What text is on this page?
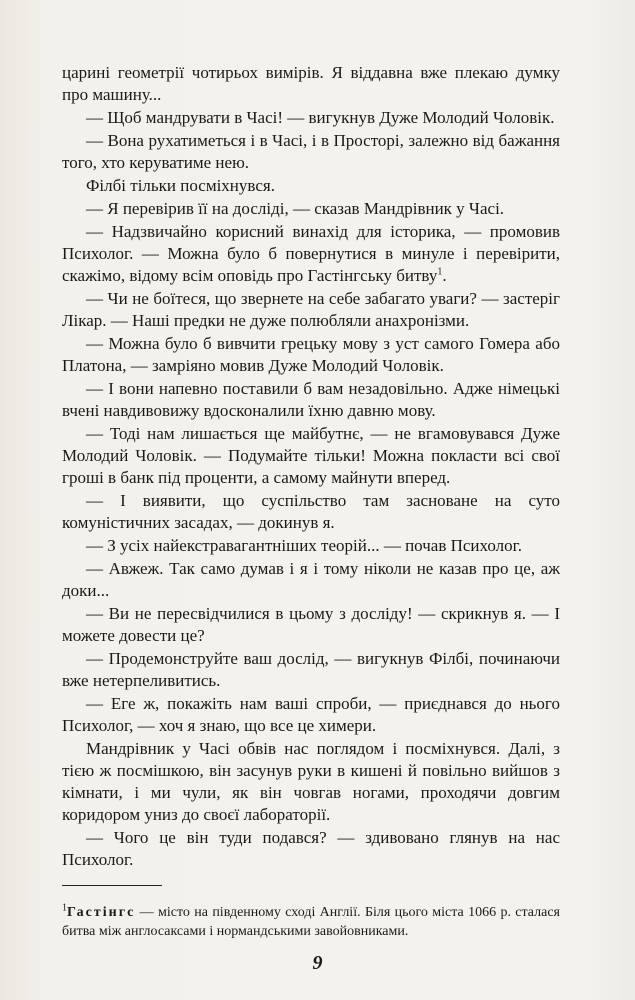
царині геометрії чотирьох вимірів. Я віддавна вже плекаю думку про машину...

— Щоб мандрувати в Часі! — вигукнув Дуже Молодий Чоловік.

— Вона рухатиметься і в Часі, і в Просторі, залежно від бажання того, хто керуватиме нею.

Філбі тільки посміхнувся.

— Я перевірив її на досліді, — сказав Мандрівник у Часі.

— Надзвичайно корисний винахід для історика, — промовив Психолог. — Можна було б повернутися в минуле і перевірити, скажімо, відому всім оповідь про Гастінгську битву$^1$.

— Чи не боїтеся, що звернете на себе забагато уваги? — застеріг Лікар. — Наші предки не дуже полюбляли анахронізми.

— Можна було б вивчити грецьку мову з уст самого Гомера або Платона, — замріяно мовив Дуже Молодий Чоловік.

— І вони напевно поставили б вам незадовільно. Адже німецькі вчені навдивовижу вдосконалили їхню давню мову.

— Тоді нам лишається ще майбутнє, — не вгамовувався Дуже Молодий Чоловік. — Подумайте тільки! Можна покласти всі свої гроші в банк під проценти, а самому майнути вперед.

— І виявити, що суспільство там засноване на суто комуністичних засадах, — докинув я.

— З усіх найекстравагантніших теорій... — почав Психолог.

— Авжеж. Так само думав і я і тому ніколи не казав про це, аж доки...

— Ви не пересвідчилися в цьому з досліду! — скрикнув я. — І можете довести це?

— Продемонструйте ваш дослід, — вигукнув Філбі, починаючи вже нетерпеливитись.

— Еге ж, покажіть нам ваші спроби, — приєднався до нього Психолог, — хоч я знаю, що все це химери.

Мандрівник у Часі обвів нас поглядом і посміхнувся. Далі, з тією ж посмішкою, він засунув руки в кишені й повільно вийшов з кімнати, і ми чули, як він човгав ногами, проходячи довгим коридором униз до своєї лабораторії.

— Чого це він туди подався? — здивовано глянув на нас Психолог.

$^1$Гастінгс — місто на південному сході Англії. Біля цього міста 1066 р. сталася битва між англосаксами і нормандськими завойовниками.
9
